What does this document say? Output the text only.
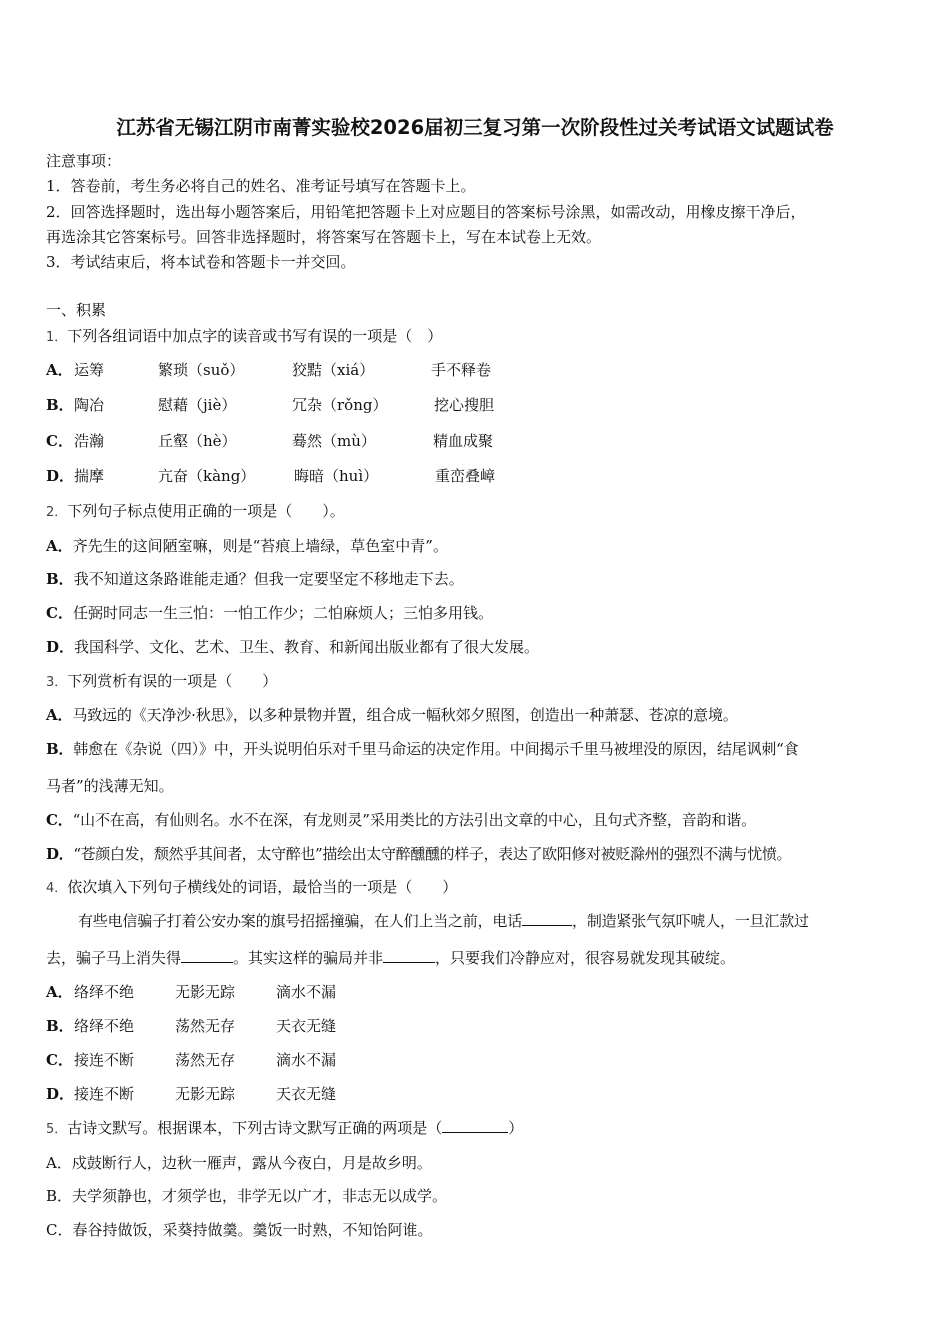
江苏省无锡江阴市南菁实验校2026届初三复习第一次阶段性过关考试语文试题试卷
注意事项：
1．答卷前，考生务必将自己的姓名、准考证号填写在答题卡上。
2．回答选择题时，选出每小题答案后，用铅笔把答题卡上对应题目的答案标号涂黑，如需改动，用橡皮擦干净后，
再选涂其它答案标号。回答非选择题时，将答案写在答题卡上，写在本试卷上无效。
3．考试结束后，将本试卷和答题卡一并交回。
一、积累
1．下列各组词语中加点字的读音或书写有误的一项是（　）
A． 运筹	繁琐（suǒ）	狡黠（xiá）	手不释卷
B． 陶冶	慰藉（jiè）	冗杂（rǒng）	挖心搜胆
C． 浩瀚	丘壑（hè）	蓦然（mù）	精血成聚
D． 揣摩	亢奋（kàng）	晦暗（huì）	重峦叠嶂
2．下列句子标点使用正确的一项是（　　）。
A．齐先生的这间陋室嘛，则是“苔痕上墙绿，草色室中青”。
B．我不知道这条路谁能走通？但我一定要坚定不移地走下去。
C．任弼时同志一生三怕：一怕工作少；二怕麻烦人；三怕多用钱。
D．我国科学、文化、艺术、卫生、教育、和新闻出版业都有了很大发展。
3．下列赏析有误的一项是（　　）
A．马致远的《天净沙·秋思》，以多种景物并置，组合成一幅秋郊夕照图，创造出一种萧瑟、苍凉的意境。
B．韩愈在《杂说（四）》中，开头说明伯乐对千里马命运的决定作用。中间揭示千里马被埋没的原因，结尾讽刺“食
马者”的浅薄无知。
C．“山不在高，有仙则名。水不在深，有龙则灵”采用类比的方法引出文章的中心，且句式齐整，音韵和谐。
D．“苍颜白发，颓然乎其间者，太守醉也”描绘出太守醉醺醺的样子，表达了欧阳修对被贬滁州的强烈不满与忧愤。
4．依次填入下列句子横线处的词语，最恰当的一项是（　　）
有些电信骗子打着公安办案的旗号招摇撞骗，在人们上当之前，电话	，制造紧张气氛吓唬人，一旦汇款过
去，骗子马上消失得	。其实这样的骗局并非	，只要我们冷静应对，很容易就发现其破绽。
A． 络绎不绝	无影无踪	滴水不漏
B． 络绎不绝	荡然无存	天衣无缝
C． 接连不断	荡然无存	滴水不漏
D． 接连不断	无影无踪	天衣无缝
5．古诗文默写。根据课本，下列古诗文默写正确的两项是（	）
A．戍鼓断行人，边秋一雁声，露从今夜白，月是故乡明。
B．夫学须静也，才须学也，非学无以广才，非志无以成学。
C．春谷持做饭，采葵持做羹。羹饭一时熟，不知饴阿谁。
